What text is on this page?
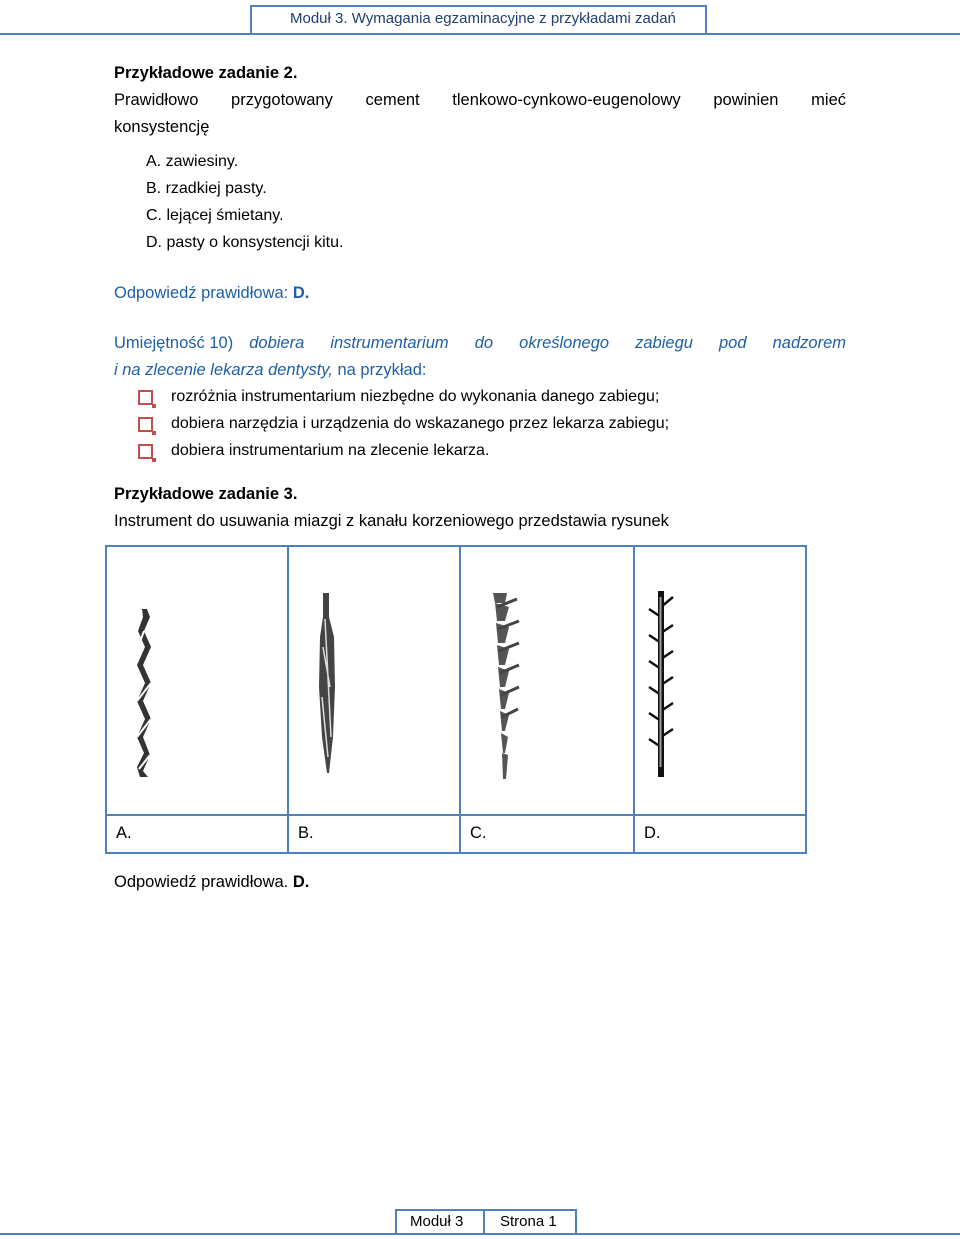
Moduł 3. Wymagania egzaminacyjne z przykładami zadań
Przykładowe zadanie 2.
Prawidłowo przygotowany cement tlenkowo-cynkowo-eugenolowy powinien mieć
konsystencję
A. zawiesiny.
B. rzadkiej pasty.
C. lejącej śmietany.
D. pasty o konsystencji kitu.
Odpowiedź prawidłowa: D.
Umiejętność 10) dobiera instrumentarium do określonego zabiegu pod nadzorem
i na zlecenie lekarza dentysty, na przykład:
rozróżnia instrumentarium niezbędne do wykonania danego zabiegu;
dobiera narzędzia i urządzenia do wskazanego przez lekarza zabiegu;
dobiera instrumentarium na zlecenie lekarza.
Przykładowe zadanie 3.
Instrument do usuwania miazgi z kanału korzeniowego przedstawia rysunek

A.	B.	C.	D.
Odpowiedź prawidłowa. D.
Moduł 3 Strona 1
